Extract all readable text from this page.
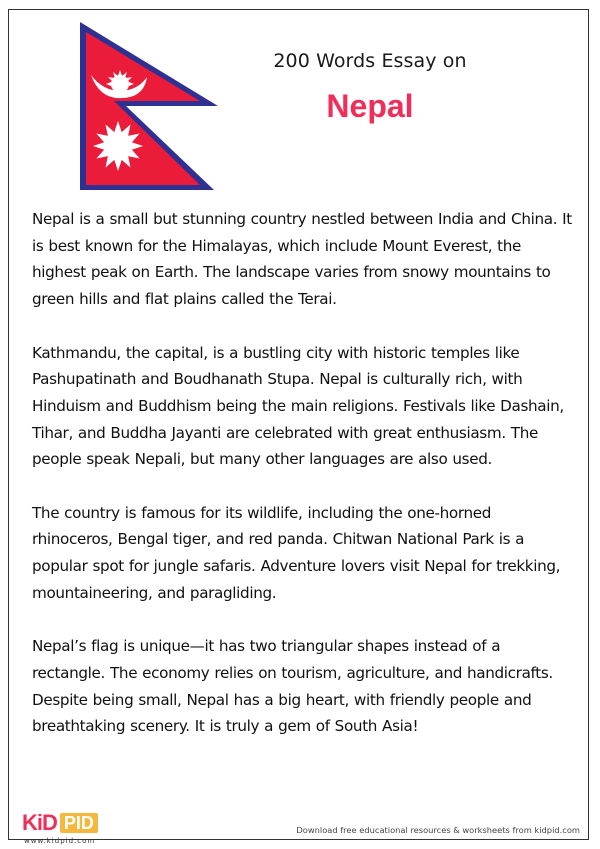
200 Words Essay on
Nepal

Nepal is a small but stunning country nestled between India and China. It is best known for the Himalayas, which include Mount Everest, the highest peak on Earth. The landscape varies from snowy mountains to green hills and flat plains called the Terai.

Kathmandu, the capital, is a bustling city with historic temples like Pashupatinath and Boudhanath Stupa. Nepal is culturally rich, with Hinduism and Buddhism being the main religions. Festivals like Dashain, Tihar, and Buddha Jayanti are celebrated with great enthusiasm. The people speak Nepali, but many other languages are also used.

The country is famous for its wildlife, including the one-horned rhinoceros, Bengal tiger, and red panda. Chitwan National Park is a popular spot for jungle safaris. Adventure lovers visit Nepal for trekking, mountaineering, and paragliding.

Nepal’s flag is unique—it has two triangular shapes instead of a rectangle. The economy relies on tourism, agriculture, and handicrafts. Despite being small, Nepal has a big heart, with friendly people and breathtaking scenery. It is truly a gem of South Asia!

KiD PID
www.kidpid.com
Download free educational resources & worksheets from kidpid.com
